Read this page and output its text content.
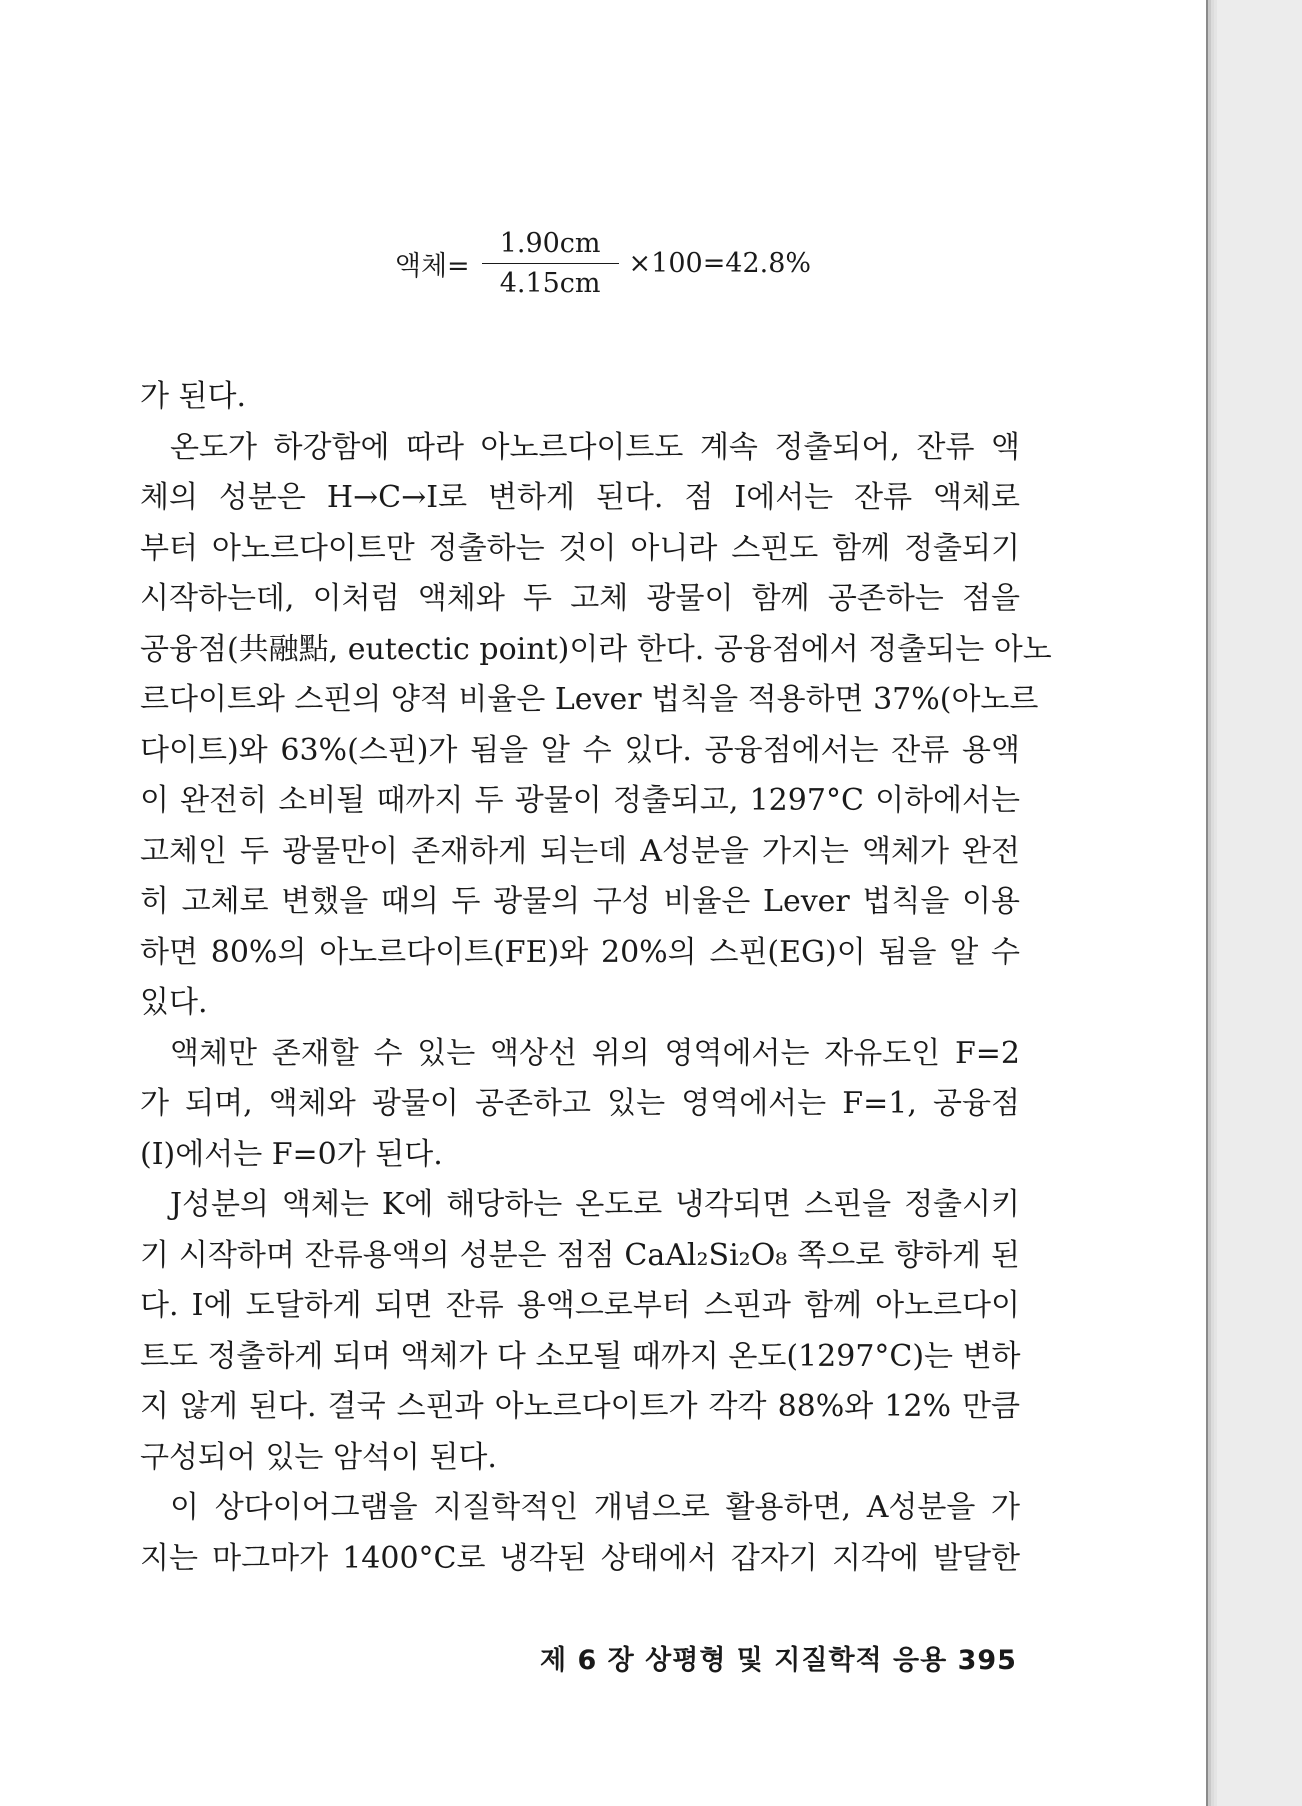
액체= $\frac{1.90cm}{4.15cm} \times 100=42.8\%$
가 된다.
온도가 하강함에 따라 아노르다이트도 계속 정출되어, 잔류 액
체의 성분은 H→C→I로 변하게 된다. 점 I에서는 잔류 액체로
부터 아노르다이트만 정출하는 것이 아니라 스핀도 함께 정출되기
시작하는데, 이처럼 액체와 두 고체 광물이 함께 공존하는 점을
공융점(共融點, eutectic point)이라 한다. 공융점에서 정출되는 아노
르다이트와 스핀의 양적 비율은 Lever 법칙을 적용하면 37%(아노르
다이트)와 63%(스핀)가 됨을 알 수 있다. 공융점에서는 잔류 용액
이 완전히 소비될 때까지 두 광물이 정출되고, 1297°C 이하에서는
고체인 두 광물만이 존재하게 되는데 A성분을 가지는 액체가 완전
히 고체로 변했을 때의 두 광물의 구성 비율은 Lever 법칙을 이용
하면 80%의 아노르다이트(FE)와 20%의 스핀(EG)이 됨을 알 수
있다.
액체만 존재할 수 있는 액상선 위의 영역에서는 자유도인 F=2
가 되며, 액체와 광물이 공존하고 있는 영역에서는 F=1, 공융점
(I)에서는 F=0가 된다.
J성분의 액체는 K에 해당하는 온도로 냉각되면 스핀을 정출시키
기 시작하며 잔류용액의 성분은 점점 CaAl₂Si₂O₈ 쪽으로 향하게 된
다. I에 도달하게 되면 잔류 용액으로부터 스핀과 함께 아노르다이
트도 정출하게 되며 액체가 다 소모될 때까지 온도(1297°C)는 변하
지 않게 된다. 결국 스핀과 아노르다이트가 각각 88%와 12% 만큼
구성되어 있는 암석이 된다.
이 상다이어그램을 지질학적인 개념으로 활용하면, A성분을 가
지는 마그마가 1400°C로 냉각된 상태에서 갑자기 지각에 발달한
제 6 장 상평형 및 지질학적 응용 395
